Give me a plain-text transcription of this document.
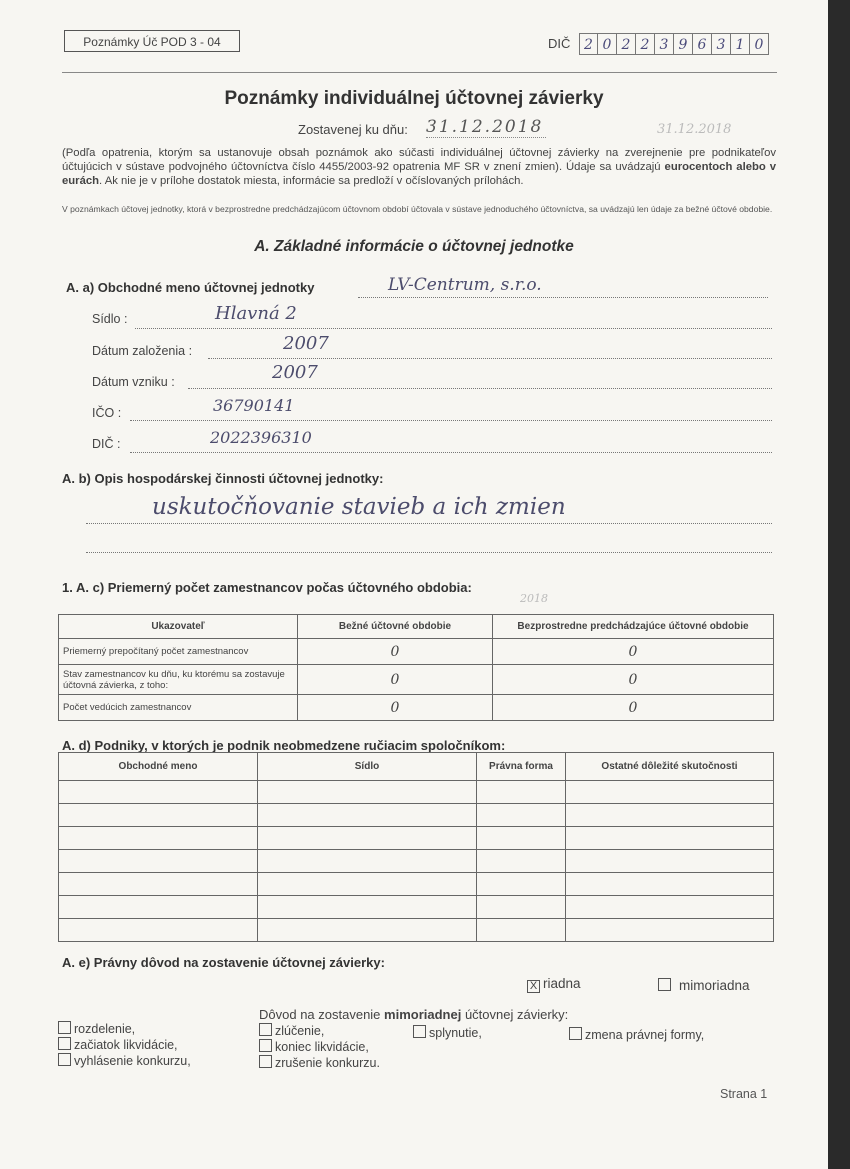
Poznámky Úč POD 3 - 04	DIČ 2 0 2 2 3 9 6 3 1 0
Poznámky individuálnej účtovnej závierky
Zostavenej ku dňu: 31.12.2018	31.12.2018
(Podľa opatrenia, ktorým sa ustanovuje obsah poznámok ako súčasti individuálnej účtovnej závierky na zverejnenie pre podnikateľov účtujúcich v sústave podvojného účtovníctva číslo 4455/2003-92 opatrenia MF SR v znení zmien). Údaje sa uvádzajú eurocentoch alebo v eurách. Ak nie je v prílohe dostatok miesta, informácie sa predloží v očíslovaných prílohách.
V poznámkach účtovej jednotky, ktorá v bezprostredne predchádzajúcom účtovnom období účtovala v sústave jednoduchého účtovníctva, sa uvádzajú len údaje za bežné účtové obdobie.
A. Základné informácie o účtovnej jednotke
A. a) Obchodné meno účtovnej jednotky	LV-Centrum, s.r.o.
Sídlo :	Hlavná 2
Dátum založenia :	2007
Dátum vzniku :	2007
IČO :	36790141
DIČ :	2022396310
A. b) Opis hospodárskej činnosti účtovnej jednotky:
uskutočňovanie stavieb a ich zmien
1. A. c) Priemerný počet zamestnancov počas účtovného obdobia:
2018
Ukazovateľ	Bežné účtovné obdobie	Bezprostredne predchádzajúce účtovné obdobie
Priemerný prepočítaný počet zamestnancov	0	0
Stav zamestnancov ku dňu, ku ktorému sa zostavuje účtovná závierka, z toho:	0	0
Počet vedúcich zamestnancov	0	0
A. d) Podniky, v ktorých je podnik neobmedzene ručiacim spoločníkom:
Obchodné meno	Sídlo	Právna forma	Ostatné dôležité skutočnosti

A. e) Právny dôvod na zostavenie účtovnej závierky:
X riadna	mimoriadna
Dôvod na zostavenie mimoriadnej účtovnej závierky:
rozdelenie,
začiatok likvidácie,
vyhlásenie konkurzu,
zlúčenie,
koniec likvidácie,
zrušenie konkurzu.
splynutie,	zmena právnej formy,
Strana 1
